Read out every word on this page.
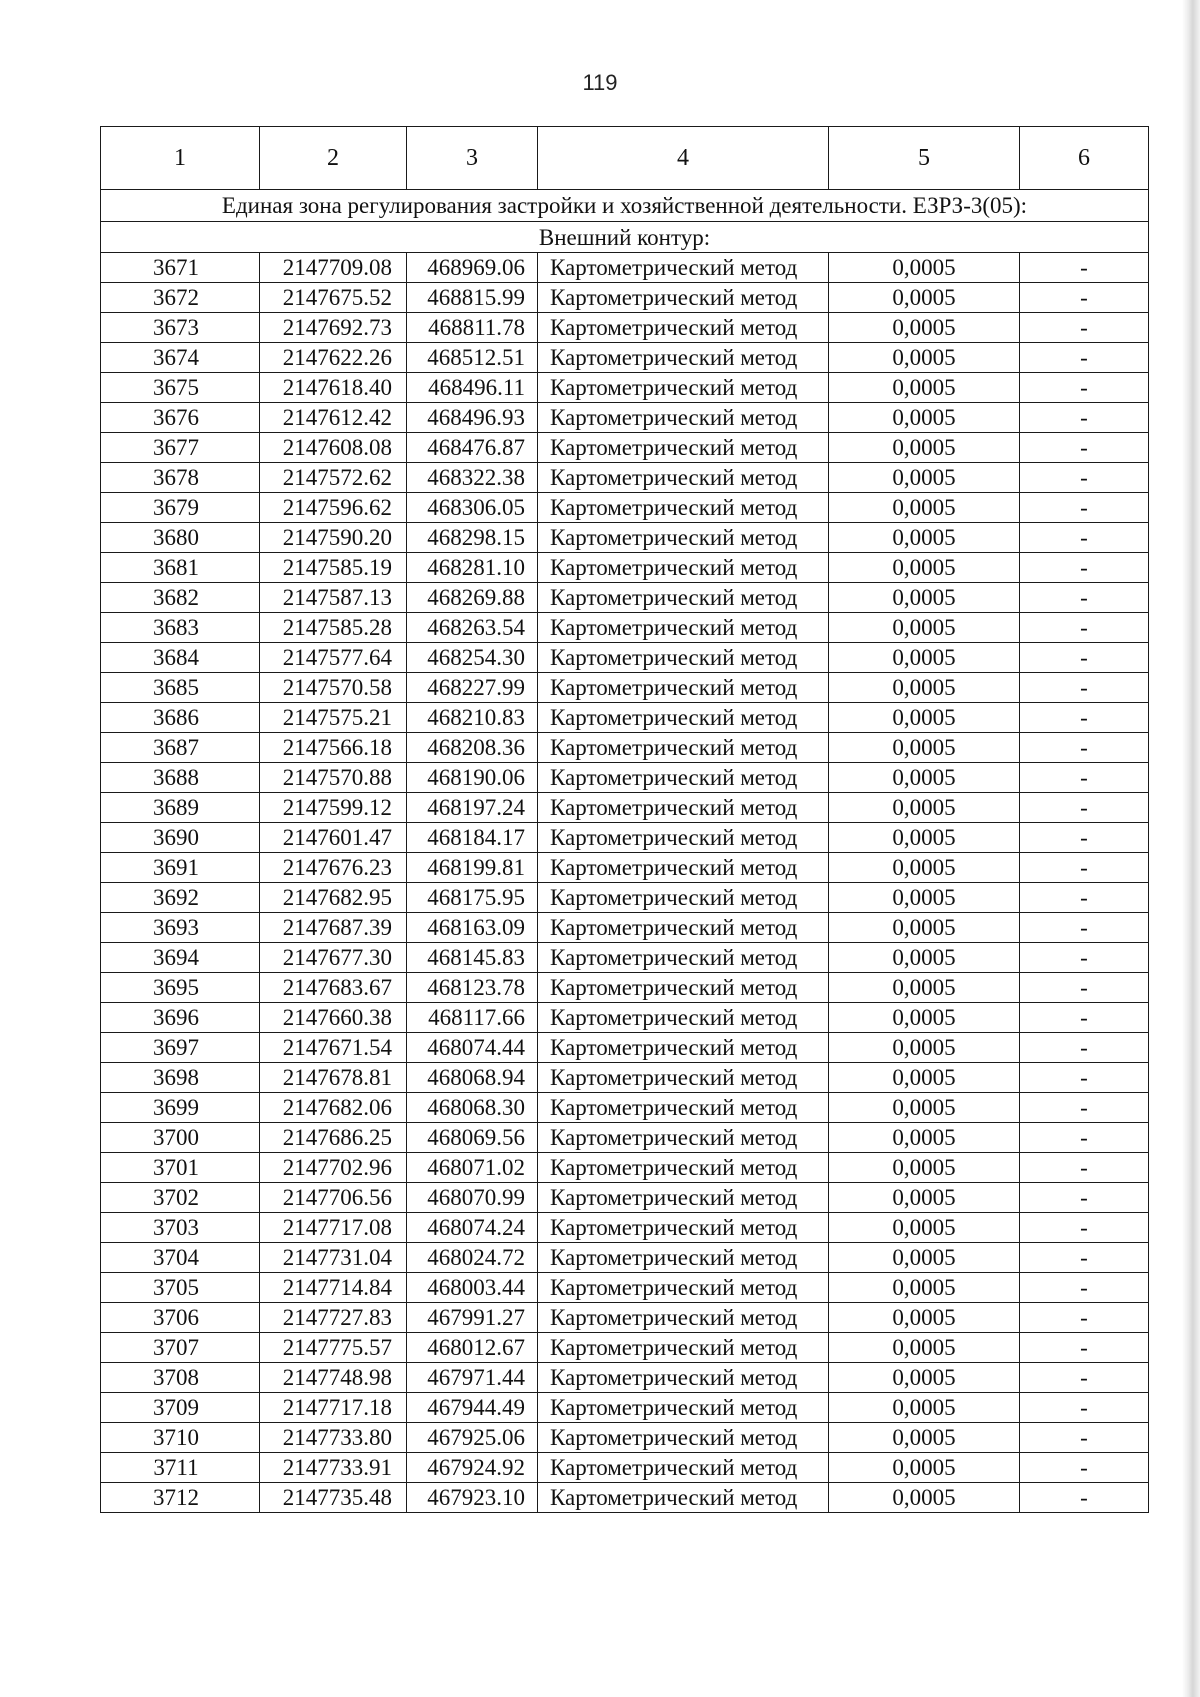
119
1	2	3	4	5	6
Единая зона регулирования застройки и хозяйственной деятельности. ЕЗРЗ-3(05):					
Внешний контур:					
3671	2147709.08	468969.06	Картометрический метод	0,0005	-
3672	2147675.52	468815.99	Картометрический метод	0,0005	-
3673	2147692.73	468811.78	Картометрический метод	0,0005	-
3674	2147622.26	468512.51	Картометрический метод	0,0005	-
3675	2147618.40	468496.11	Картометрический метод	0,0005	-
3676	2147612.42	468496.93	Картометрический метод	0,0005	-
3677	2147608.08	468476.87	Картометрический метод	0,0005	-
3678	2147572.62	468322.38	Картометрический метод	0,0005	-
3679	2147596.62	468306.05	Картометрический метод	0,0005	-
3680	2147590.20	468298.15	Картометрический метод	0,0005	-
3681	2147585.19	468281.10	Картометрический метод	0,0005	-
3682	2147587.13	468269.88	Картометрический метод	0,0005	-
3683	2147585.28	468263.54	Картометрический метод	0,0005	-
3684	2147577.64	468254.30	Картометрический метод	0,0005	-
3685	2147570.58	468227.99	Картометрический метод	0,0005	-
3686	2147575.21	468210.83	Картометрический метод	0,0005	-
3687	2147566.18	468208.36	Картометрический метод	0,0005	-
3688	2147570.88	468190.06	Картометрический метод	0,0005	-
3689	2147599.12	468197.24	Картометрический метод	0,0005	-
3690	2147601.47	468184.17	Картометрический метод	0,0005	-
3691	2147676.23	468199.81	Картометрический метод	0,0005	-
3692	2147682.95	468175.95	Картометрический метод	0,0005	-
3693	2147687.39	468163.09	Картометрический метод	0,0005	-
3694	2147677.30	468145.83	Картометрический метод	0,0005	-
3695	2147683.67	468123.78	Картометрический метод	0,0005	-
3696	2147660.38	468117.66	Картометрический метод	0,0005	-
3697	2147671.54	468074.44	Картометрический метод	0,0005	-
3698	2147678.81	468068.94	Картометрический метод	0,0005	-
3699	2147682.06	468068.30	Картометрический метод	0,0005	-
3700	2147686.25	468069.56	Картометрический метод	0,0005	-
3701	2147702.96	468071.02	Картометрический метод	0,0005	-
3702	2147706.56	468070.99	Картометрический метод	0,0005	-
3703	2147717.08	468074.24	Картометрический метод	0,0005	-
3704	2147731.04	468024.72	Картометрический метод	0,0005	-
3705	2147714.84	468003.44	Картометрический метод	0,0005	-
3706	2147727.83	467991.27	Картометрический метод	0,0005	-
3707	2147775.57	468012.67	Картометрический метод	0,0005	-
3708	2147748.98	467971.44	Картометрический метод	0,0005	-
3709	2147717.18	467944.49	Картометрический метод	0,0005	-
3710	2147733.80	467925.06	Картометрический метод	0,0005	-
3711	2147733.91	467924.92	Картометрический метод	0,0005	-
3712	2147735.48	467923.10	Картометрический метод	0,0005	-
